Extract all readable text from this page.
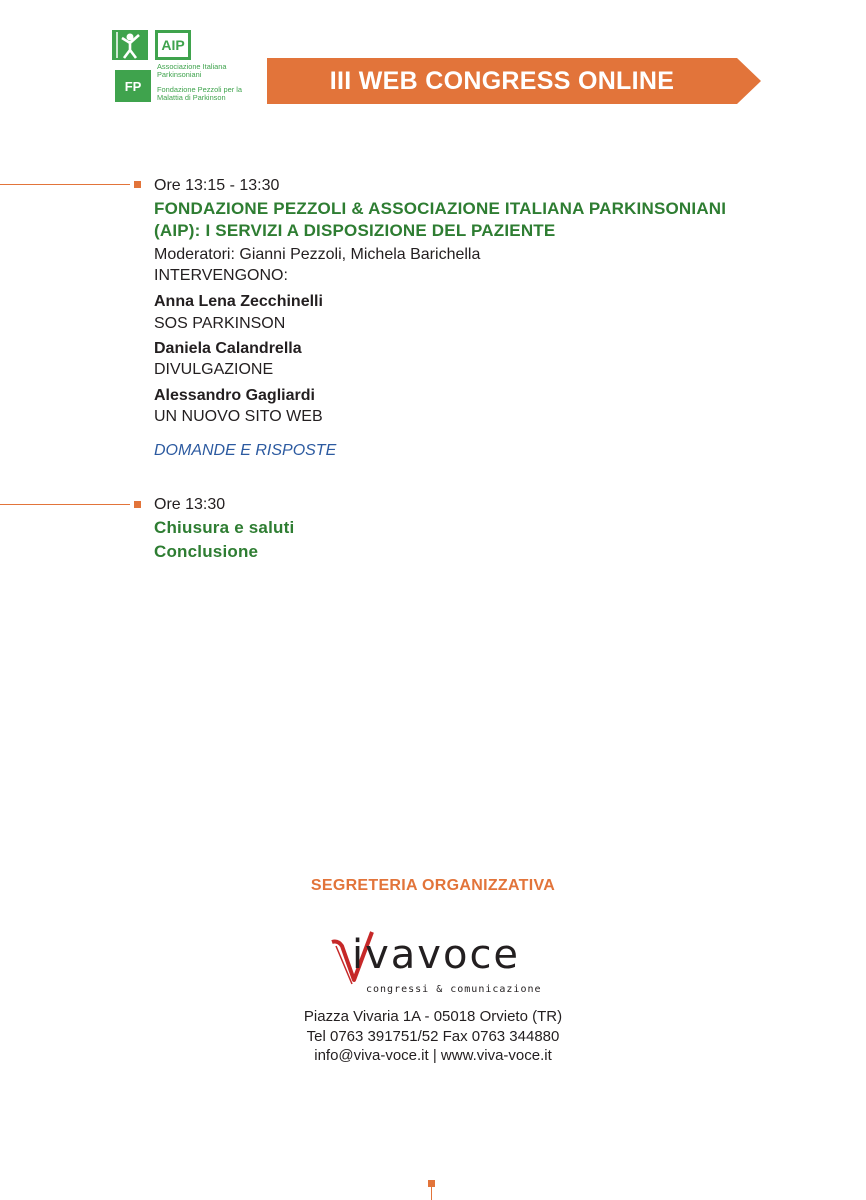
AIP
FP
Associazione Italiana Parkinsoniani
Fondazione Pezzoli per la Malattia di Parkinson
III WEB CONGRESS ONLINE
Ore 13:15 - 13:30
FONDAZIONE PEZZOLI & ASSOCIAZIONE ITALIANA PARKINSONIANI
(AIP): I SERVIZI A DISPOSIZIONE DEL PAZIENTE
Moderatori: Gianni Pezzoli, Michela Barichella
INTERVENGONO:
Anna Lena Zecchinelli
SOS PARKINSON
Daniela Calandrella
DIVULGAZIONE
Alessandro Gagliardi
UN NUOVO SITO WEB
DOMANDE E RISPOSTE
Ore 13:30
Chiusura e saluti
Conclusione
SEGRETERIA ORGANIZZATIVA
ivavoce
congressi & comunicazione
Piazza Vivaria 1A - 05018 Orvieto (TR)
Tel 0763 391751/52 Fax 0763 344880
info@viva-voce.it | www.viva-voce.it
